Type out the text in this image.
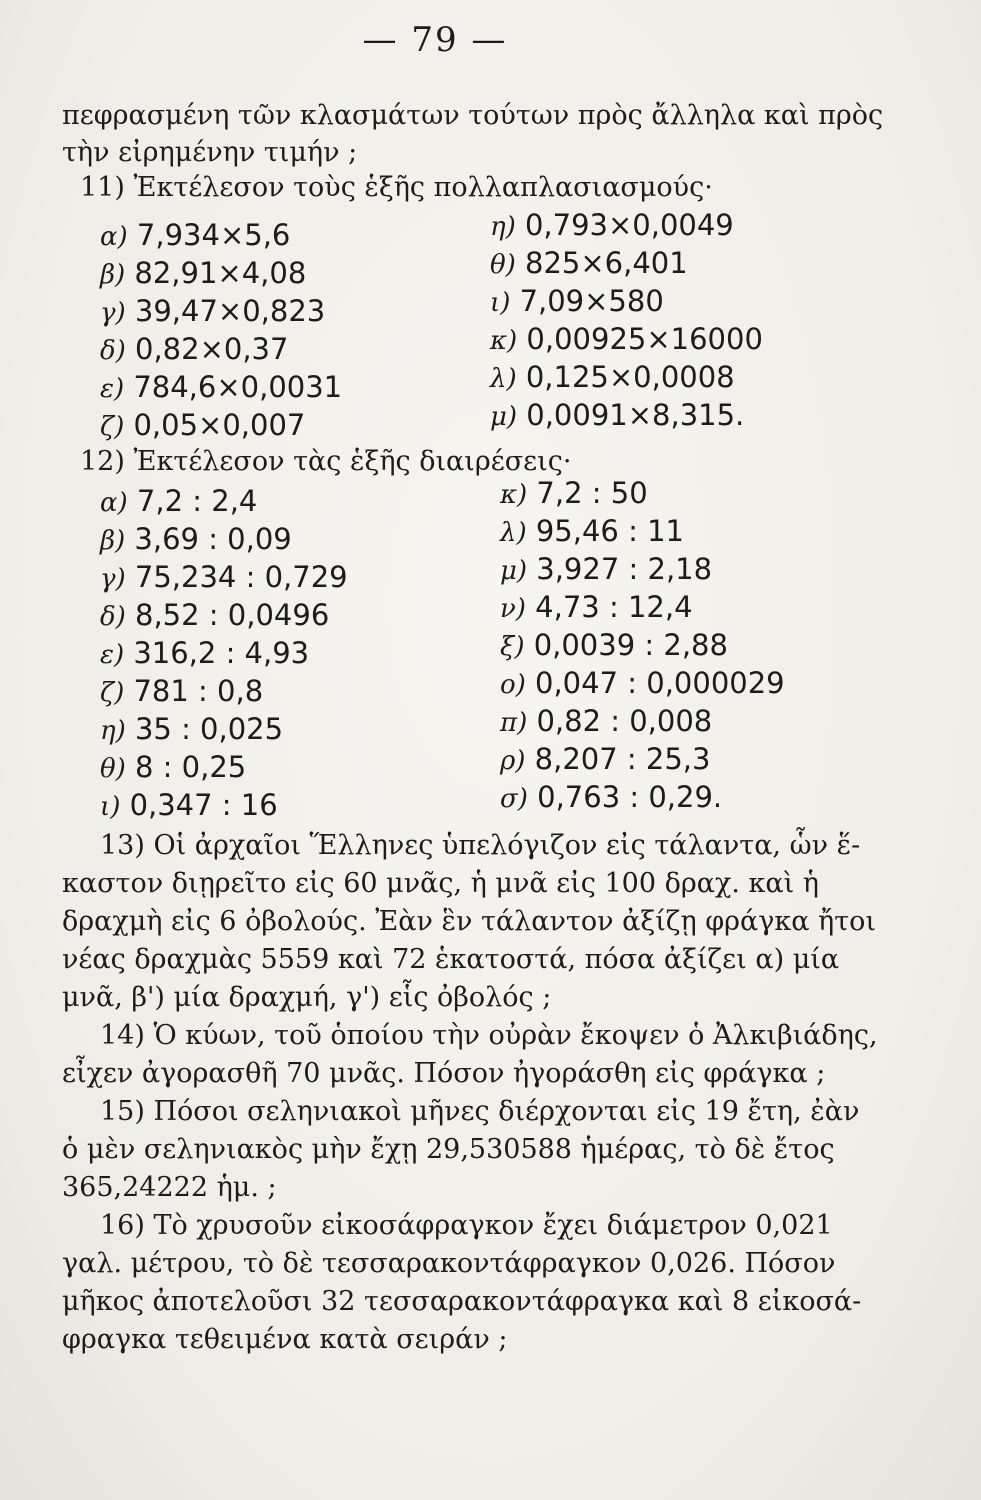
— 79 —
πεφρασμένη τῶν κλασμάτων τούτων πρὸς ἄλληλα καὶ πρὸς
τὴν εἰρημένην τιμήν ;
11) Ἐκτέλεσον τοὺς ἑξῆς πολλαπλασιασμούς·
α) 7,934×5,6
β) 82,91×4,08
γ) 39,47×0,823
δ) 0,82×0,37
ε) 784,6×0,0031
ζ) 0,05×0,007
η) 0,793×0,0049
θ) 825×6,401
ι) 7,09×580
κ) 0,00925×16000
λ) 0,125×0,0008
μ) 0,0091×8,315.
12) Ἐκτέλεσον τὰς ἑξῆς διαιρέσεις·
α) 7,2 : 2,4
β) 3,69 : 0,09
γ) 75,234 : 0,729
δ) 8,52 : 0,0496
ε) 316,2 : 4,93
ζ) 781 : 0,8
η) 35 : 0,025
θ) 8 : 0,25
ι) 0,347 : 16
κ) 7,2 : 50
λ) 95,46 : 11
μ) 3,927 : 2,18
ν) 4,73 : 12,4
ξ) 0,0039 : 2,88
ο) 0,047 : 0,000029
π) 0,82 : 0,008
ρ) 8,207 : 25,3
σ) 0,763 : 0,29.
13) Οἱ ἀρχαῖοι Ἕλληνες ὑπελόγιζον εἰς τάλαντα, ὧν ἕ-
καστον διῃρεῖτο εἰς 60 μνᾶς, ἡ μνᾶ εἰς 100 δραχ. καὶ ἡ
δραχμὴ εἰς 6 ὀβολούς. Ἐὰν ἓν τάλαντον ἀξίζῃ φράγκα ἤτοι
νέας δραχμὰς 5559 καὶ 72 ἑκατοστά, πόσα ἀξίζει α) μία
μνᾶ, β') μία δραχμή, γ') εἷς ὀβολός ;
14) Ὁ κύων, τοῦ ὁποίου τὴν οὐρὰν ἔκοψεν ὁ Ἀλκιβιάδης,
εἶχεν ἀγορασθῆ 70 μνᾶς. Πόσον ἠγοράσθη εἰς φράγκα ;
15) Πόσοι σεληνιακοὶ μῆνες διέρχονται εἰς 19 ἔτη, ἐὰν
ὁ μὲν σεληνιακὸς μὴν ἔχῃ 29,530588 ἡμέρας, τὸ δὲ ἔτος
365,24222 ἡμ. ;
16) Τὸ χρυσοῦν εἰκοσάφραγκον ἔχει διάμετρον 0,021
γαλ. μέτρου, τὸ δὲ τεσσαρακοντάφραγκον 0,026. Πόσον
μῆκος ἀποτελοῦσι 32 τεσσαρακοντάφραγκα καὶ 8 εἰκοσά-
φραγκα τεθειμένα κατὰ σειράν ;
